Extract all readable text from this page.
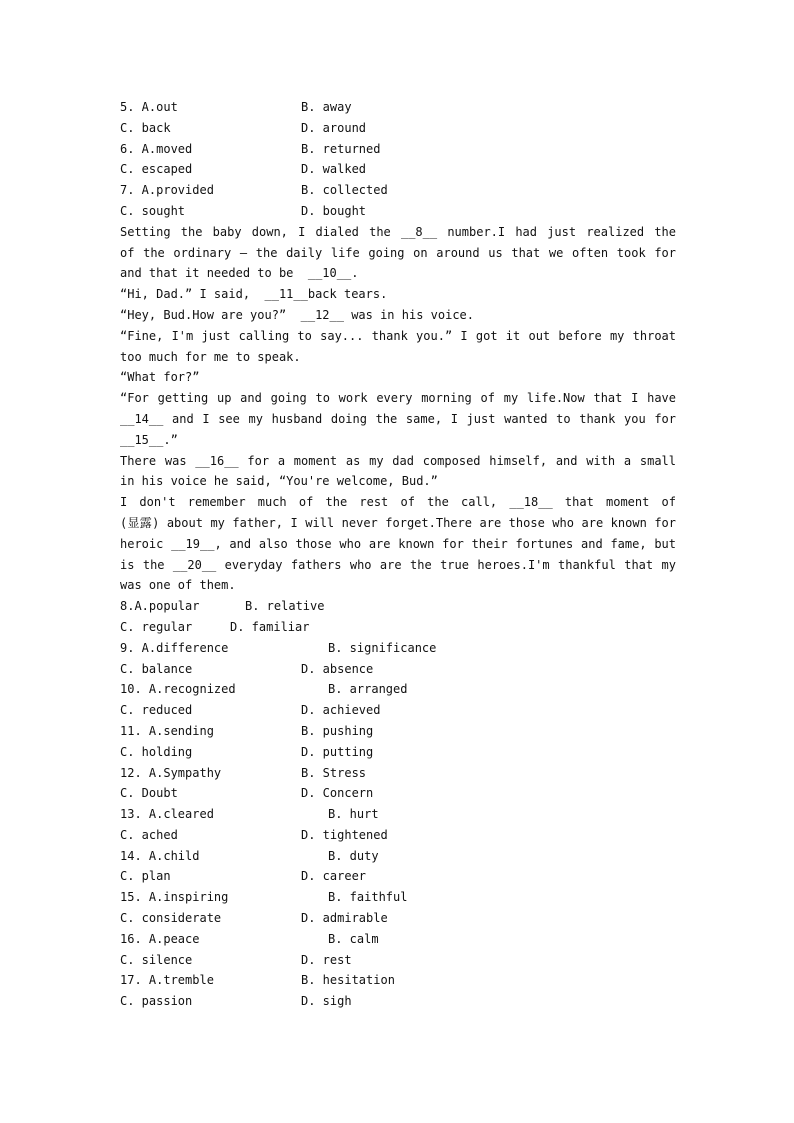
5. A.out	B. away
C. back	D. around
6. A.moved	B. returned
C. escaped	D. walked
7. A.provided	B. collected
C. sought	D. bought
Setting the baby down, I dialed the __8__ number.I had just realized the
of the ordinary — the daily life going on around us that we often took for
and that it needed to be  __10__.
“Hi, Dad.” I said,  __11__back tears.
“Hey, Bud.How are you?”  __12__ was in his voice.
“Fine, I'm just calling to say... thank you.” I got it out before my throat
too much for me to speak.
“What for?”
“For getting up and going to work every morning of my life.Now that I have
__14__ and I see my husband doing the same, I just wanted to thank you for
__15__.”
There was __16__ for a moment as my dad composed himself, and with a small
in his voice he said, “You're welcome, Bud.”
I don't remember much of the rest of the call, __18__ that moment of
(显露) about my father, I will never forget.There are those who are known for
heroic __19__, and also those who are known for their fortunes and fame, but
is the __20__ everyday fathers who are the true heroes.I'm thankful that my
was one of them.
8.A.popular	B. relative
C. regular	D. familiar
9. A.difference	B. significance
C. balance	D. absence
10. A.recognized	B. arranged
C. reduced	D. achieved
11. A.sending	B. pushing
C. holding	D. putting
12. A.Sympathy	B. Stress
C. Doubt	D. Concern
13. A.cleared	B. hurt
C. ached	D. tightened
14. A.child	B. duty
C. plan	D. career
15. A.inspiring	B. faithful
C. considerate	D. admirable
16. A.peace	B. calm
C. silence	D. rest
17. A.tremble	B. hesitation
C. passion	D. sigh
